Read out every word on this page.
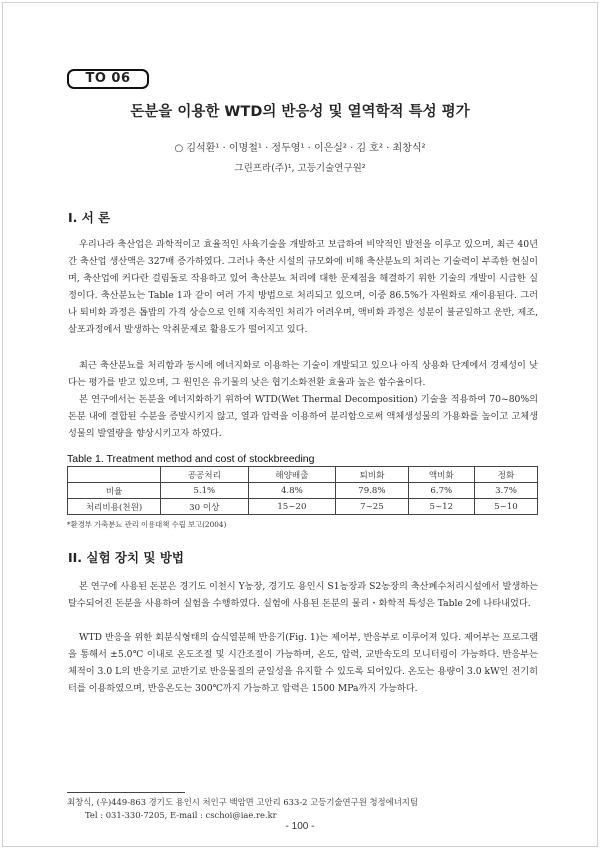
TO 06
돈분을 이용한 WTD의 반응성 및 열역학적 특성 평가
○ 김석환¹ · 이명철¹ · 정두영¹ · 이은실² · 김 호² · 최창식²
그린프라(주)¹, 고등기술연구원²
I. 서 론

우리나라 축산업은 과학적이고 효율적인 사육기술을 개발하고 보급하여 비약적인 발전을 이루고 있으며, 최근 40년간 축산업 생산액은 327배 증가하였다. 그러나 축산 시설의 규모화에 비해 축산분뇨의 처리는 기술력이 부족한 현실이며, 축산업에 커다란 걸림돌로 작용하고 있어 축산분뇨 처리에 대한 문제점을 해결하기 위한 기술의 개발이 시급한 실정이다. 축산분뇨는 Table 1과 같이 여러 가지 방법으로 처리되고 있으며, 이중 86.5%가 자원화로 재이용된다. 그러나 퇴비화 과정은 톱밥의 가격 상승으로 인해 지속적인 처리가 어려우며, 액비화 과정은 성분이 불균일하고 운반, 제조, 살포과정에서 발생하는 악취문제로 활용도가 떨어지고 있다.

최근 축산분뇨를 처리함과 동시에 에너지화로 이용하는 기술이 개발되고 있으나 아직 상용화 단계에서 경제성이 낮다는 평가를 받고 있으며, 그 원인은 유기물의 낮은 협기소화전환 효율과 높은 함수율이다.

본 연구에서는 돈분을 에너지화하기 위하여 WTD(Wet Thermal Decomposition) 기술을 적용하여 70~80%의 돈분 내에 결합된 수분을 증발시키지 않고, 열과 압력을 이용하여 분리함으로써 액체생성물의 가용화를 높이고 고체생성물의 발열량을 향상시키고자 하였다.

Table 1. Treatment method and cost of stockbreeding
	공공처리	해양배출	퇴비화	액비화	정화
비율	5.1%	4.8%	79.8%	6.7%	3.7%
처리비용(천원)	30 이상	15~20	7~25	5~12	5~10
*환경부 가축분뇨 관리 이용대책 수립 보고(2004)
II. 실험 장치 및 방법

본 연구에 사용된 돈분은 경기도 이천시 Y농장, 경기도 용인시 S1농장과 S2농장의 축산폐수처리시설에서 발생하는 탈수되어진 돈분을 사용하여 실험을 수행하였다. 실험에 사용된 돈분의 물리・화학적 특성은 Table 2에 나타내었다.

WTD 반응을 위한 회분식형태의 습식열분해 반응기(Fig. 1)는 제어부, 반응부로 이루어져 있다. 제어부는 프로그램을 통해서 ±5.0℃ 이내로 온도조절 및 시간조절이 가능하며, 온도, 압력, 교반속도의 모니터링이 가능하다. 반응부는 체적이 3.0 L의 반응기로 교반기로 반응물질의 균일성을 유지할 수 있도록 되어있다. 온도는 용량이 3.0 kW인 전기히터를 이용하였으며, 반응온도는 300℃까지 가능하고 압력은 1500 MPa까지 가능하다.

최창식, (우)449-863 경기도 용인시 처인구 백암면 고안리 633-2 고등기술연구원 청정에너지팀
Tel : 031-330-7205, E-mail : cschoi@iae.re.kr
- 100 -
